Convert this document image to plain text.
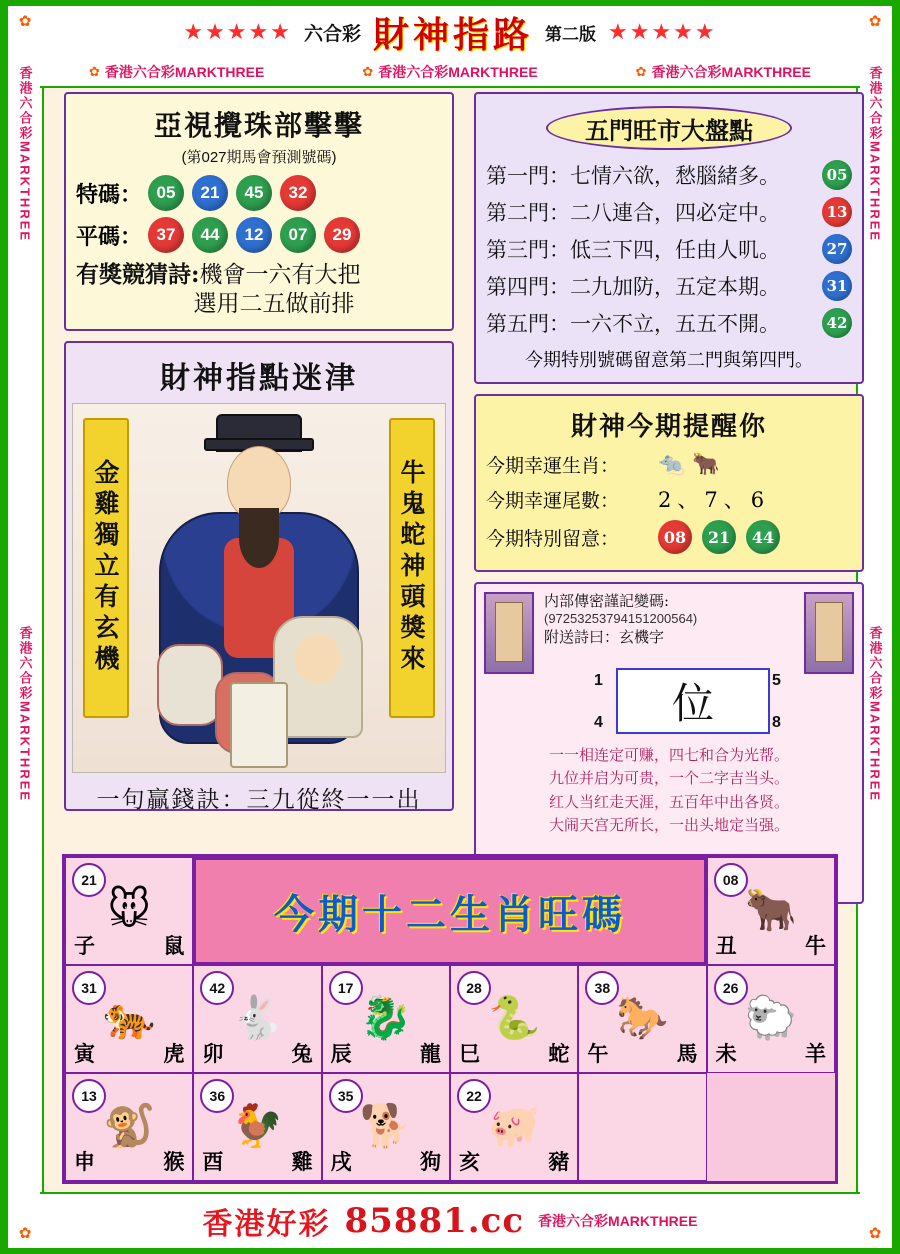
✿
香港六合彩MARKTHREE
香港六合彩MARKTHREE
✿
✿
香港六合彩MARKTHREE
香港六合彩MARKTHREE
✿
★★★★★ 六合彩 財神指路 第二版 ★★★★★
✿ 香港六合彩MARKTHREE	✿ 香港六合彩MARKTHREE	✿ 香港六合彩MARKTHREE
亞視攪珠部擊擊
(第027期馬會預測號碼)
特碼： 05	21	45	32
平碼： 37	44	12	07	29
有獎競猜詩:機會一六有大把
選用二五做前排
財神指點迷津
金雞獨立有玄機	牛鬼蛇神頭獎來
一句贏錢訣：三九從終一一出
五門旺市大盤點
第一門：七情六欲，愁腦緒多。	05
第二門：二八連合，四必定中。	13
第三門：低三下四，任由人叽。	27
第四門：二九加防，五定本期。	31
第五門：一六不立，五五不開。	42
今期特別號碼留意第二門與第四門。
財神今期提醒你
今期幸運生肖：	🐀 🐂
今期幸運尾數：	2、7、6
今期特別留意：	08	21	44
内部傳密謹記變碼:
(97253253794151200564)
附送詩曰：玄機字
1	5
4	8
位
一一相连定可赚，四七和合为光帮。
九位并启为可贵，一个二字吉当头。
红人当红走天涯，五百年中出各贤。
大闹天宫无所长，一出头地定当强。
21
🐭
子	鼠
今期十二生肖旺碼
08
🐂
丑	牛
31
🐅
寅	虎
42
🐇
卯	兔
17
🐉
辰	龍
28
🐍
巳	蛇
38
🐎
午	馬
26
🐑
未	羊
13
🐒
申	猴
36
🐓
酉	雞
35
🐕
戌	狗
22
🐖
亥	豬
香港好彩 85881.cc 香港六合彩MARKTHREE
